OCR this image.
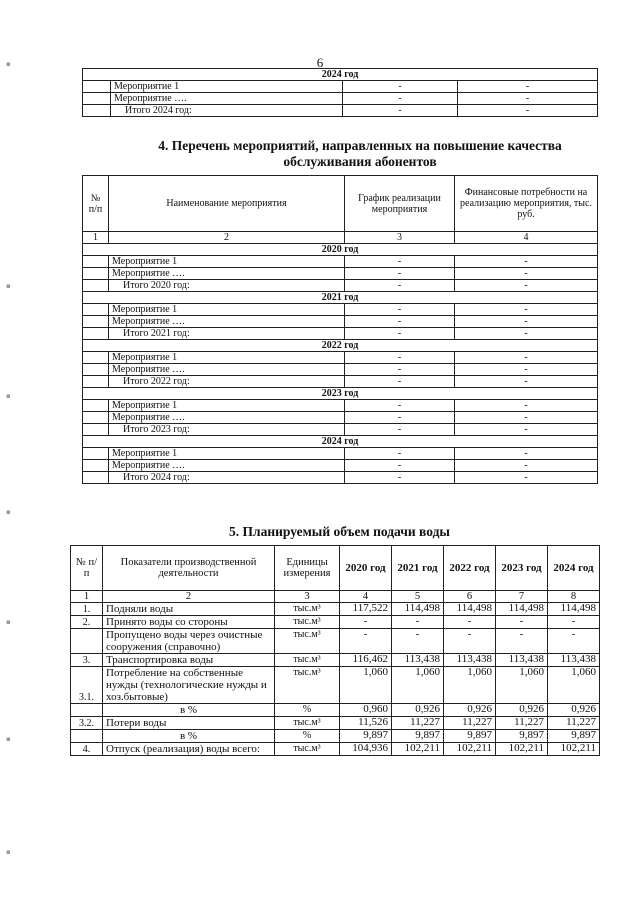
6
2024 год			
	Мероприятие 1	-	-
	Мероприятие ….	-	-
	Итого 2024 год:	-	-
4. Перечень мероприятий, направленных на повышение качества
обслуживания абонентов
№ п/п	Наименование мероприятия	График реализации мероприятия	Финансовые потребности на реализацию мероприятия, тыс. руб.
1	2	3	4
2020 год			
	Мероприятие 1	-	-
	Мероприятие ….	-	-
	Итого 2020 год:	-	-
2021 год			
	Мероприятие 1	-	-
	Мероприятие ….	-	-
	Итого 2021 год:	-	-
2022 год			
	Мероприятие 1	-	-
	Мероприятие ….	-	-
	Итого 2022 год:	-	-
2023 год			
	Мероприятие 1	-	-
	Мероприятие ….	-	-
	Итого 2023 год:	-	-
2024 год			
	Мероприятие 1	-	-
	Мероприятие ….	-	-
	Итого 2024 год:	-	-
5. Планируемый объем подачи воды
№ п/п	Показатели производственной деятельности	Единицы измерения	2020 год	2021 год	2022 год	2023 год	2024 год
1	2	3	4	5	6	7	8
1.	Подняли воды	тыс.м³	117,522	114,498	114,498	114,498	114,498
2.	Принято воды со стороны	тыс.м³	-	-	-	-	-
	Пропущено воды через очистные сооружения (справочно)	тыс.м³	-	-	-	-	-
3.	Транспортировка воды	тыс.м³	116,462	113,438	113,438	113,438	113,438
3.1.	Потребление на собственные нужды (технологические нужды и хоз.бытовые)	тыс.м³	1,060	1,060	1,060	1,060	1,060
	в %	%	0,960	0,926	0,926	0,926	0,926
3.2.	Потери воды	тыс.м³	11,526	11,227	11,227	11,227	11,227
	в %	%	9,897	9,897	9,897	9,897	9,897
4.	Отпуск (реализация) воды всего:	тыс.м³	104,936	102,211	102,211	102,211	102,211
▪
▪
▪
▪
▪
▪
▪
